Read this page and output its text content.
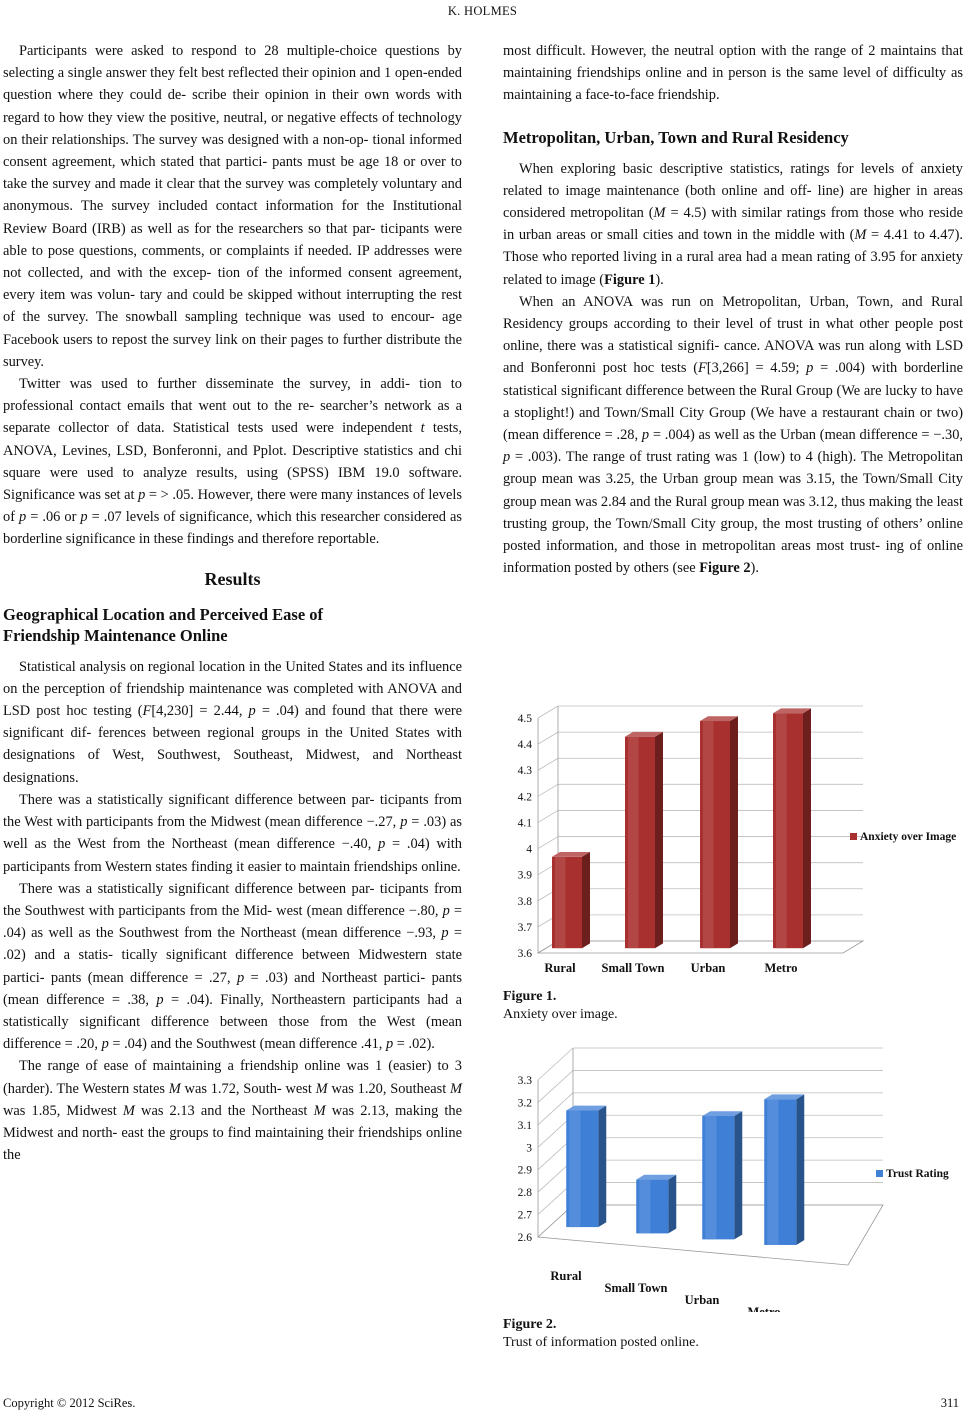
K. HOLMES

Participants were asked to respond to 28 multiple-choice questions by selecting a single answer they felt best reflected their opinion and 1 open-ended question where they could de- scribe their opinion in their own words with regard to how they view the positive, neutral, or negative effects of technology on their relationships. The survey was designed with a non-op- tional informed consent agreement, which stated that partici- pants must be age 18 or over to take the survey and made it clear that the survey was completely voluntary and anonymous. The survey included contact information for the Institutional Review Board (IRB) as well as for the researchers so that par- ticipants were able to pose questions, comments, or complaints if needed. IP addresses were not collected, and with the excep- tion of the informed consent agreement, every item was volun- tary and could be skipped without interrupting the rest of the survey. The snowball sampling technique was used to encour- age Facebook users to repost the survey link on their pages to further distribute the survey.

Twitter was used to further disseminate the survey, in addi- tion to professional contact emails that went out to the re- searcher’s network as a separate collector of data. Statistical tests used were independent t tests, ANOVA, Levines, LSD, Bonferonni, and Pplot. Descriptive statistics and chi square were used to analyze results, using (SPSS) IBM 19.0 software. Significance was set at p = > .05. However, there were many instances of levels of p = .06 or p = .07 levels of significance, which this researcher considered as borderline significance in these findings and therefore reportable.

Results
Geographical Location and Perceived Ease of
Friendship Maintenance Online

Statistical analysis on regional location in the United States and its influence on the perception of friendship maintenance was completed with ANOVA and LSD post hoc testing (F[4,230] = 2.44, p = .04) and found that there were significant dif- ferences between regional groups in the United States with designations of West, Southwest, Southeast, Midwest, and Northeast designations.

There was a statistically significant difference between par- ticipants from the West with participants from the Midwest (mean difference −.27, p = .03) as well as the West from the Northeast (mean difference −.40, p = .04) with participants from Western states finding it easier to maintain friendships online.

There was a statistically significant difference between par- ticipants from the Southwest with participants from the Mid- west (mean difference −.80, p = .04) as well as the Southwest from the Northeast (mean difference −.93, p = .02) and a statis- tically significant difference between Midwestern state partici- pants (mean difference = .27, p = .03) and Northeast partici- pants (mean difference = .38, p = .04). Finally, Northeastern participants had a statistically significant difference between those from the West (mean difference = .20, p = .04) and the Southwest (mean difference .41, p = .02).

The range of ease of maintaining a friendship online was 1 (easier) to 3 (harder). The Western states M was 1.72, South- west M was 1.20, Southeast M was 1.85, Midwest M was 2.13 and the Northeast M was 2.13, making the Midwest and north- east the groups to find maintaining their friendships online the

most difficult. However, the neutral option with the range of 2 maintains that maintaining friendships online and in person is the same level of difficulty as maintaining a face-to-face friendship.

Metropolitan, Urban, Town and Rural Residency

When exploring basic descriptive statistics, ratings for levels of anxiety related to image maintenance (both online and off- line) are higher in areas considered metropolitan (M = 4.5) with similar ratings from those who reside in urban areas or small cities and town in the middle with (M = 4.41 to 4.47). Those who reported living in a rural area had a mean rating of 3.95 for anxiety related to image (Figure 1).

When an ANOVA was run on Metropolitan, Urban, Town, and Rural Residency groups according to their level of trust in what other people post online, there was a statistical signifi- cance. ANOVA was run along with LSD and Bonferonni post hoc tests (F[3,266] = 4.59; p = .004) with borderline statistical significant difference between the Rural Group (We are lucky to have a stoplight!) and Town/Small City Group (We have a restaurant chain or two) (mean difference = .28, p = .004) as well as the Urban (mean difference = −.30, p = .003). The range of trust rating was 1 (low) to 4 (high). The Metropolitan group mean was 3.25, the Urban group mean was 3.15, the Town/Small City group mean was 2.84 and the Rural group mean was 3.12, thus making the least trusting group, the Town/Small City group, the most trusting of others’ online posted information, and those in metropolitan areas most trust- ing of online information posted by others (see Figure 2).

3.6
3.7
3.8
3.9
4
4.1
4.2
4.3
4.4
4.5
Rural Small Town Urban	Metro
Anxiety over Image
Figure 1.
Anxiety over image.
2.6
2.7
2.8
2.9
3
3.1
3.2
3.3
Rural
Small Town
Urban
Metro
Trust Rating
Figure 2.
Trust of information posted online.
Copyright © 2012 SciRes.	311
